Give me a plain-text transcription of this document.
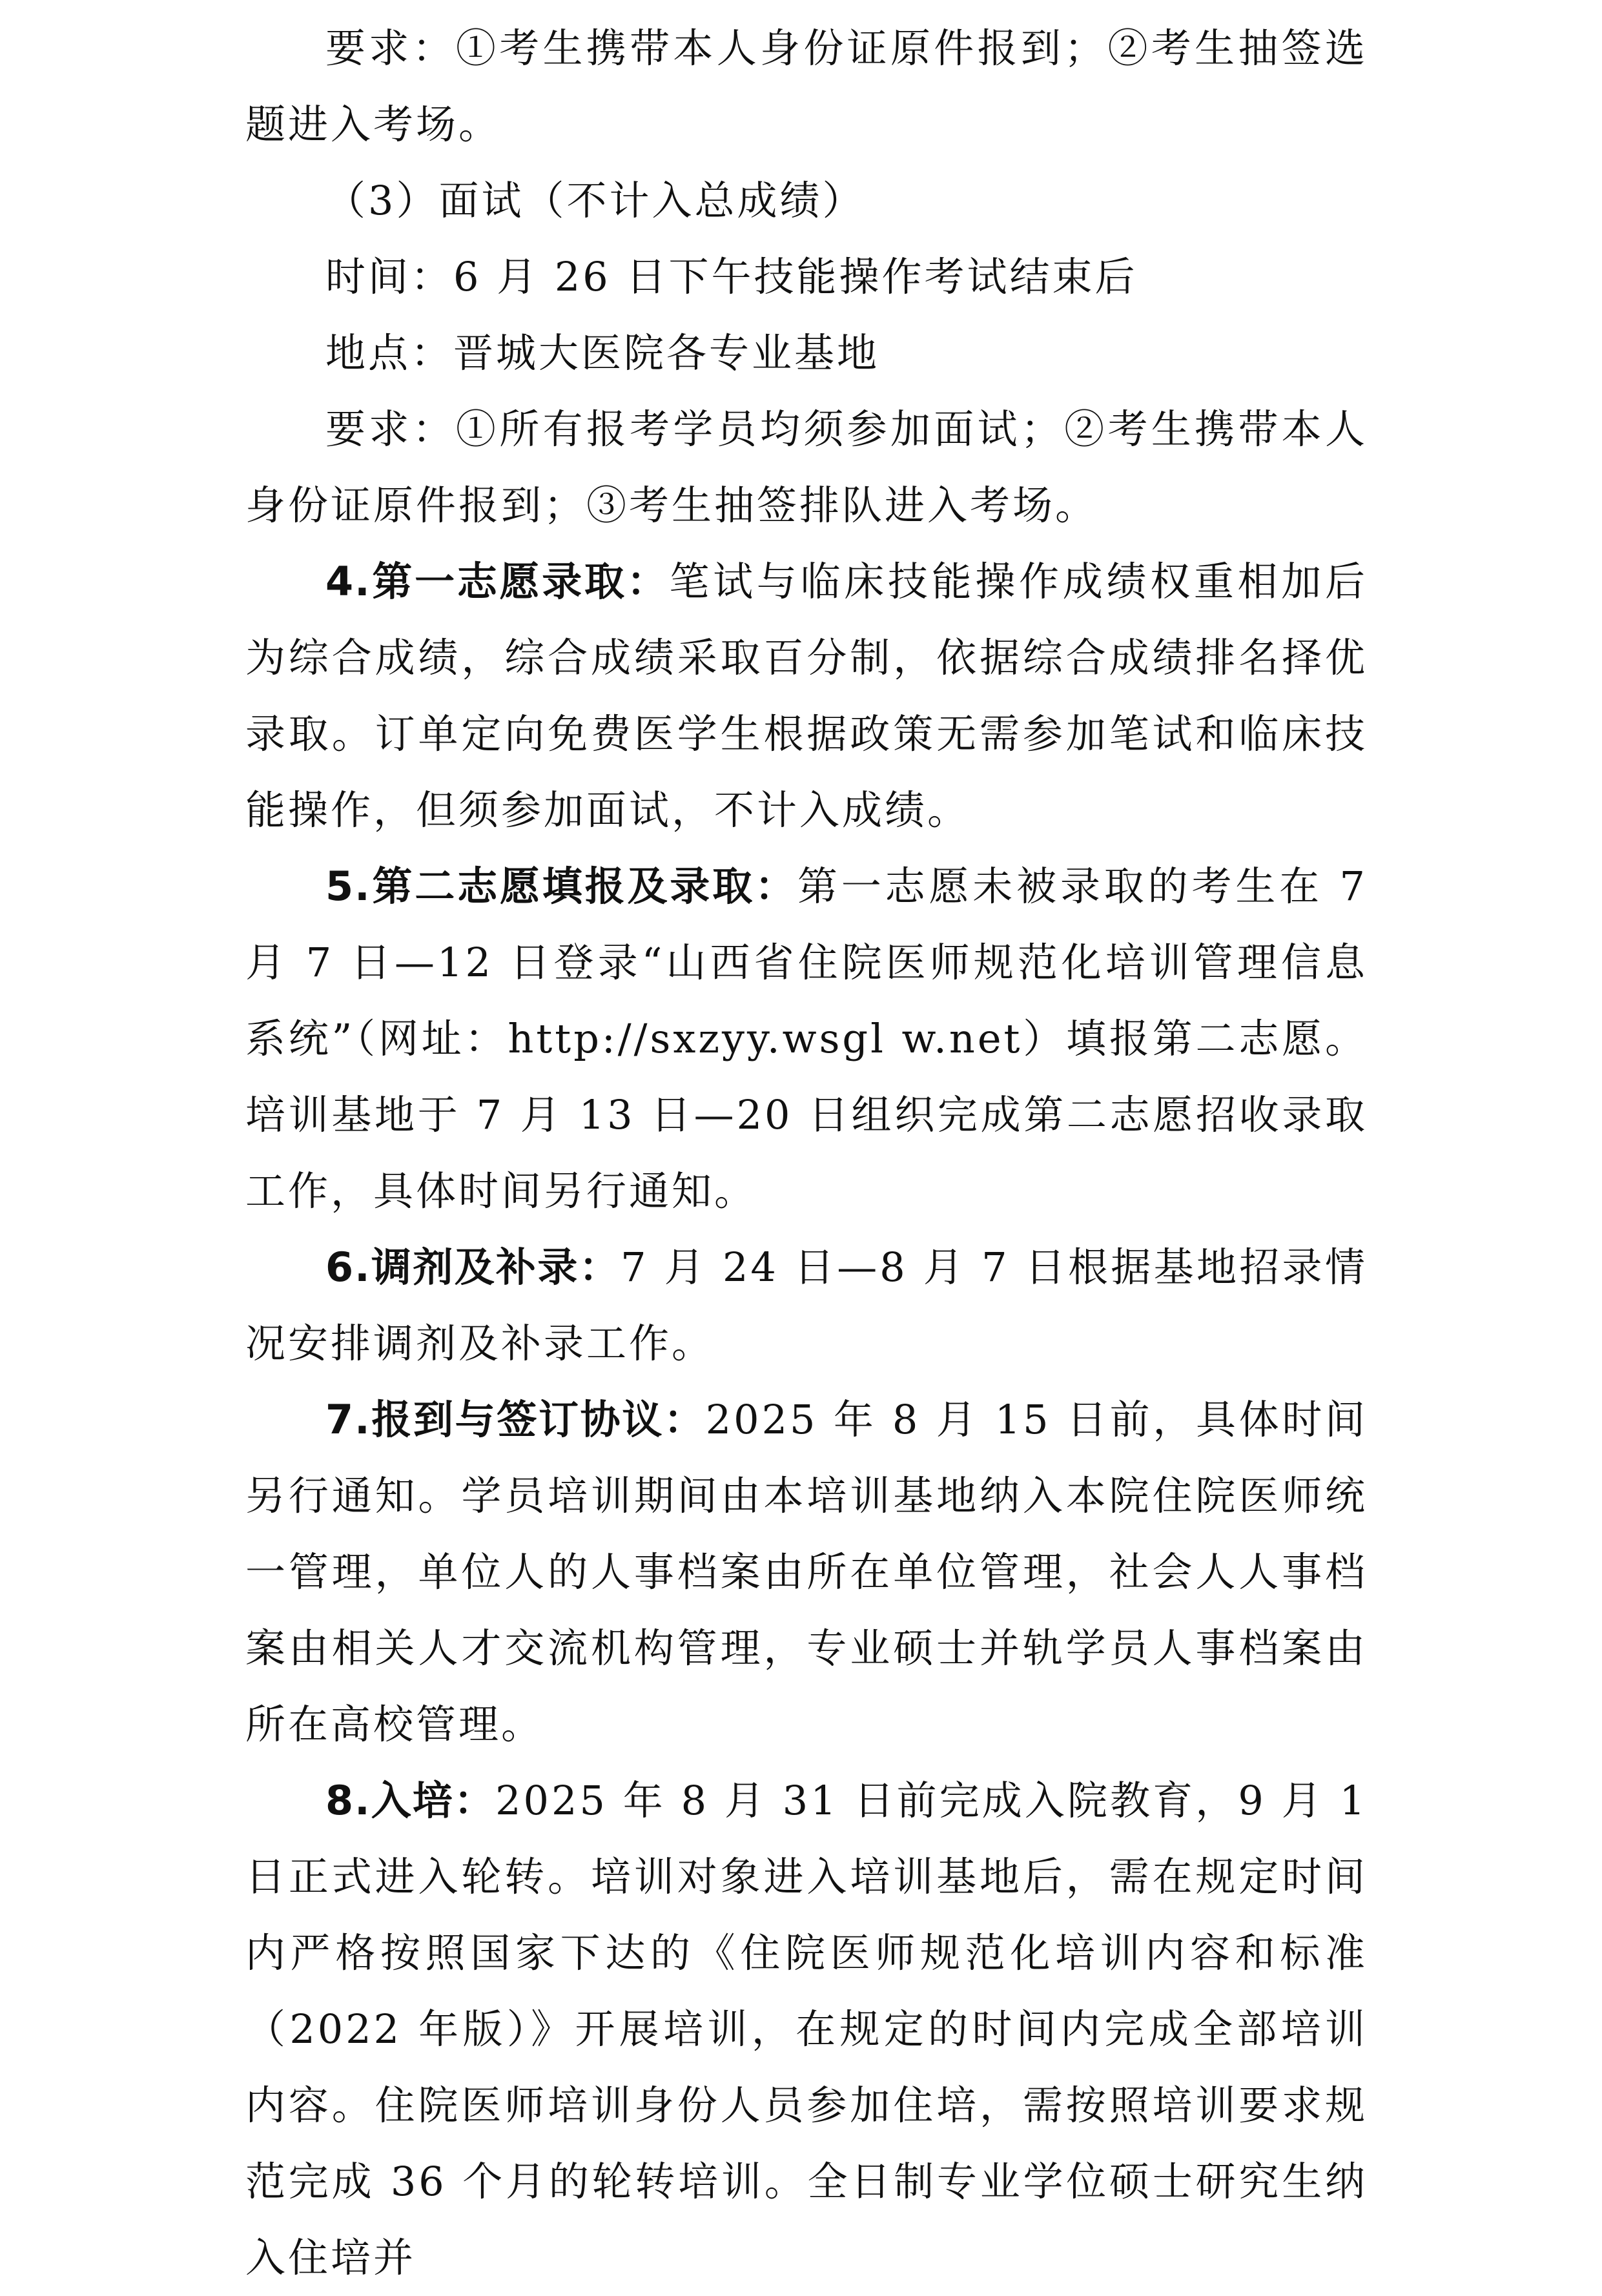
要求：①考生携带本人身份证原件报到；②考生抽签选题进入考场。

（3）面试（不计入总成绩）

时间：6 月 26 日下午技能操作考试结束后

地点：晋城大医院各专业基地

要求：①所有报考学员均须参加面试；②考生携带本人身份证原件报到；③考生抽签排队进入考场。

4.第一志愿录取：笔试与临床技能操作成绩权重相加后为综合成绩，综合成绩采取百分制，依据综合成绩排名择优录取。订单定向免费医学生根据政策无需参加笔试和临床技能操作，但须参加面试，不计入成绩。

5.第二志愿填报及录取：第一志愿未被录取的考生在 7 月 7 日—12 日登录“山西省住院医师规范化培训管理信息系统”（网址：http://sxzyy.wsgl w.net）填报第二志愿。培训基地于 7 月 13 日—20 日组织完成第二志愿招收录取工作，具体时间另行通知。

6.调剂及补录：7 月 24 日—8 月 7 日根据基地招录情况安排调剂及补录工作。

7.报到与签订协议：2025 年 8 月 15 日前，具体时间另行通知。学员培训期间由本培训基地纳入本院住院医师统一管理，单位人的人事档案由所在单位管理，社会人人事档案由相关人才交流机构管理，专业硕士并轨学员人事档案由所在高校管理。

8.入培：2025 年 8 月 31 日前完成入院教育，9 月 1 日正式进入轮转。培训对象进入培训基地后，需在规定时间内严格按照国家下达的《住院医师规范化培训内容和标准（2022 年版）》开展培训，在规定的时间内完成全部培训内容。住院医师培训身份人员参加住培，需按照培训要求规范完成 36 个月的轮转培训。全日制专业学位硕士研究生纳入住培并
